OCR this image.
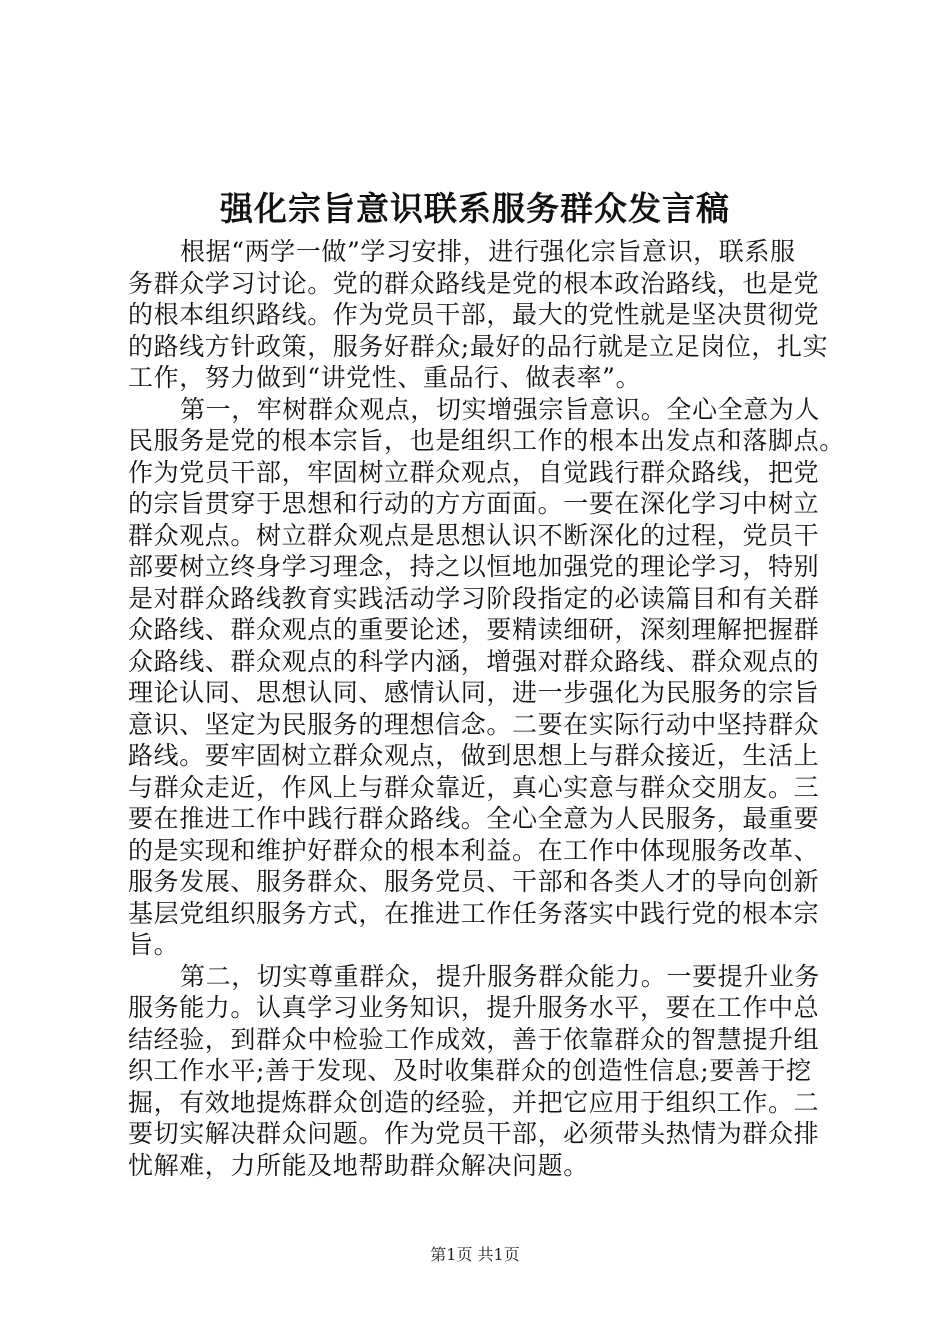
强化宗旨意识联系服务群众发言稿
根据“两学一做”学习安排，进行强化宗旨意识，联系服
务群众学习讨论。党的群众路线是党的根本政治路线，也是党
的根本组织路线。作为党员干部，最大的党性就是坚决贯彻党
的路线方针政策，服务好群众;最好的品行就是立足岗位，扎实
工作，努力做到“讲党性、重品行、做表率”。
第一，牢树群众观点，切实增强宗旨意识。全心全意为人
民服务是党的根本宗旨，也是组织工作的根本出发点和落脚点。
作为党员干部，牢固树立群众观点，自觉践行群众路线，把党
的宗旨贯穿于思想和行动的方方面面。一要在深化学习中树立
群众观点。树立群众观点是思想认识不断深化的过程，党员干
部要树立终身学习理念，持之以恒地加强党的理论学习，特别
是对群众路线教育实践活动学习阶段指定的必读篇目和有关群
众路线、群众观点的重要论述，要精读细研，深刻理解把握群
众路线、群众观点的科学内涵，增强对群众路线、群众观点的
理论认同、思想认同、感情认同，进一步强化为民服务的宗旨
意识、坚定为民服务的理想信念。二要在实际行动中坚持群众
路线。要牢固树立群众观点，做到思想上与群众接近，生活上
与群众走近，作风上与群众靠近，真心实意与群众交朋友。三
要在推进工作中践行群众路线。全心全意为人民服务，最重要
的是实现和维护好群众的根本利益。在工作中体现服务改革、
服务发展、服务群众、服务党员、干部和各类人才的导向创新
基层党组织服务方式，在推进工作任务落实中践行党的根本宗
旨。
第二，切实尊重群众，提升服务群众能力。一要提升业务
服务能力。认真学习业务知识，提升服务水平，要在工作中总
结经验，到群众中检验工作成效，善于依靠群众的智慧提升组
织工作水平;善于发现、及时收集群众的创造性信息;要善于挖
掘，有效地提炼群众创造的经验，并把它应用于组织工作。二
要切实解决群众问题。作为党员干部，必须带头热情为群众排
忧解难，力所能及地帮助群众解决问题。
第1页 共1页
